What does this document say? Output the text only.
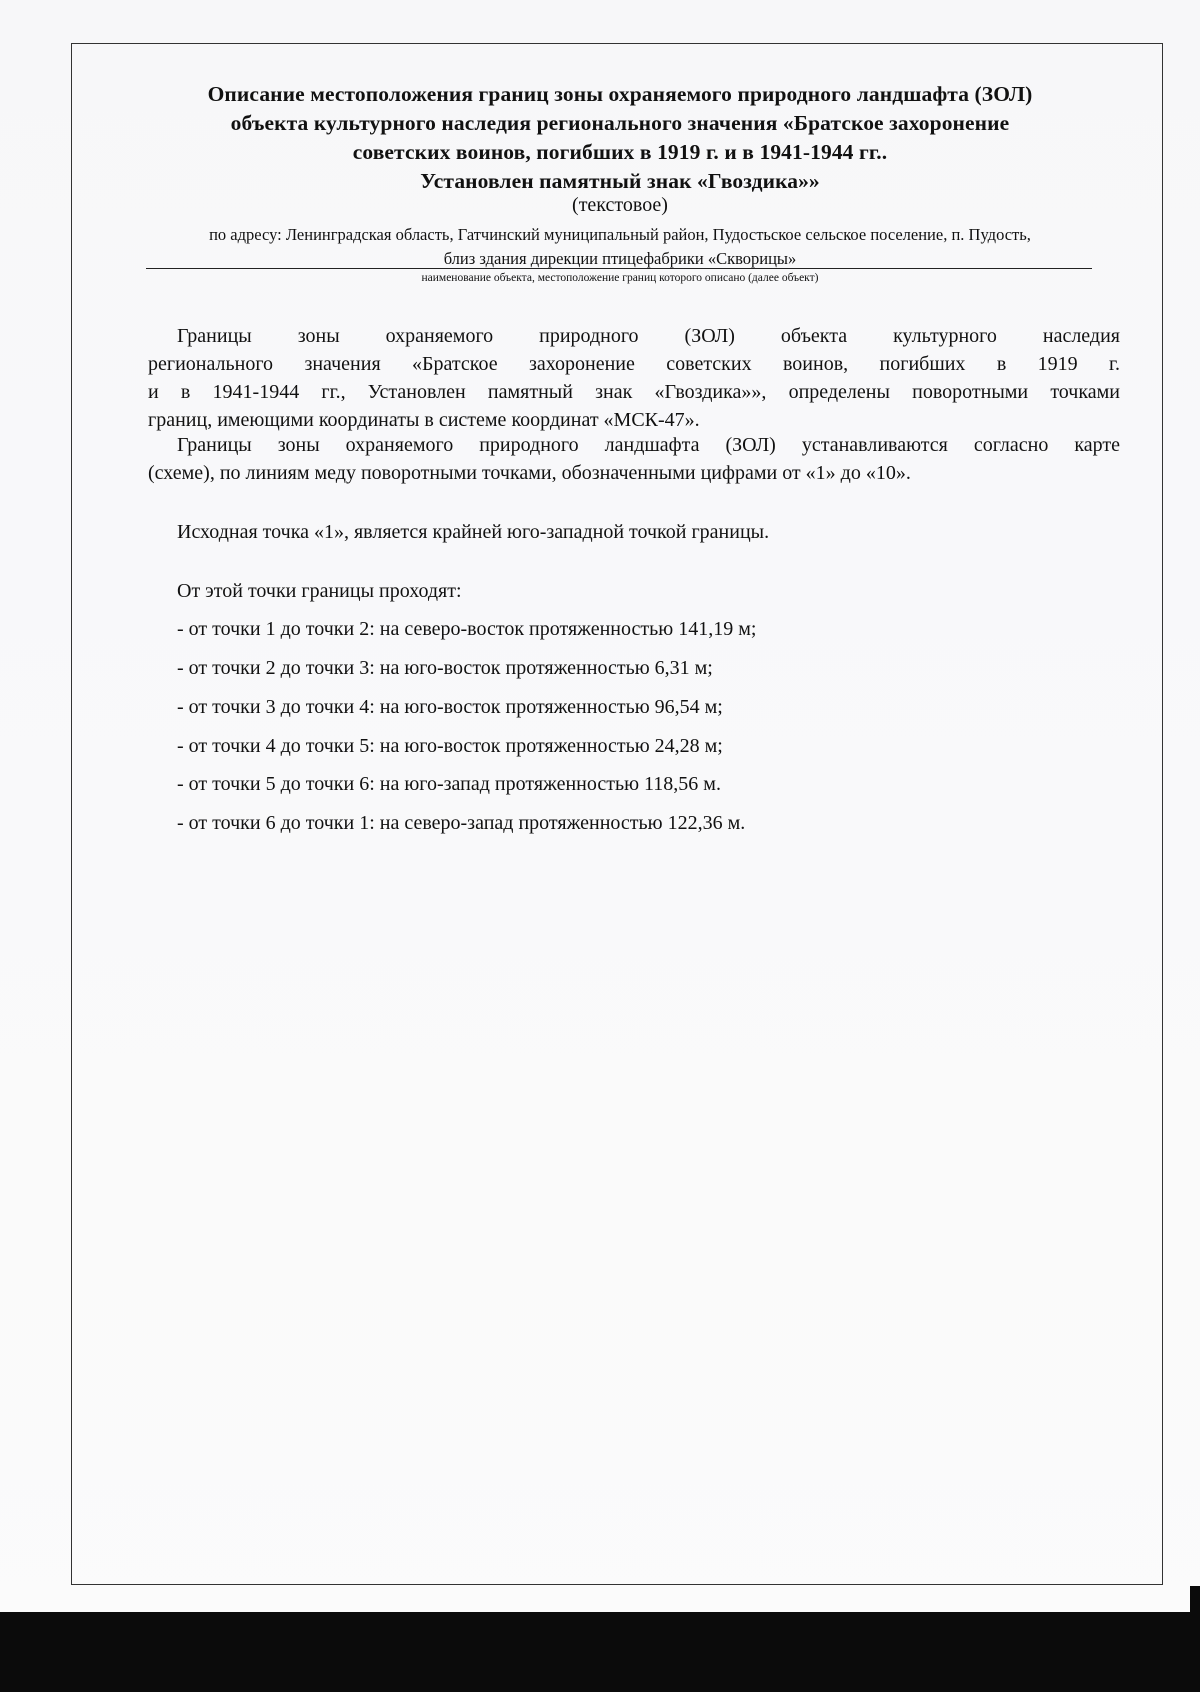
Описание местоположения границ зоны охраняемого природного ландшафта (ЗОЛ)
объекта культурного наследия регионального значения «Братское захоронение
советских воинов, погибших в 1919 г. и в 1941-1944 гг..
Установлен памятный знак «Гвоздика»»
(текстовое)
по адресу: Ленинградская область, Гатчинский муниципальный район, Пудостьское сельское поселение, п. Пудость,
близ здания дирекции птицефабрики «Скворицы»
наименование объекта, местоположение границ которого описано (далее объект)
Границы зоны охраняемого природного (ЗОЛ) объекта культурного наследия
регионального значения «Братское захоронение советских воинов, погибших в 1919 г.
и в 1941-1944 гг., Установлен памятный знак «Гвоздика»», определены поворотными точками
границ, имеющими координаты в системе координат «МСК-47».
Границы зоны охраняемого природного ландшафта (ЗОЛ) устанавливаются согласно карте
(схеме), по линиям меду поворотными точками, обозначенными цифрами от «1» до «10».
Исходная точка «1», является крайней юго-западной точкой границы.
От этой точки границы проходят:
- от точки 1 до точки 2: на северо-восток протяженностью 141,19 м;
- от точки 2 до точки 3: на юго-восток протяженностью 6,31 м;
- от точки 3 до точки 4: на юго-восток протяженностью 96,54 м;
- от точки 4 до точки 5: на юго-восток протяженностью 24,28 м;
- от точки 5 до точки 6: на юго-запад протяженностью 118,56 м.
- от точки 6 до точки 1: на северо-запад протяженностью 122,36 м.
